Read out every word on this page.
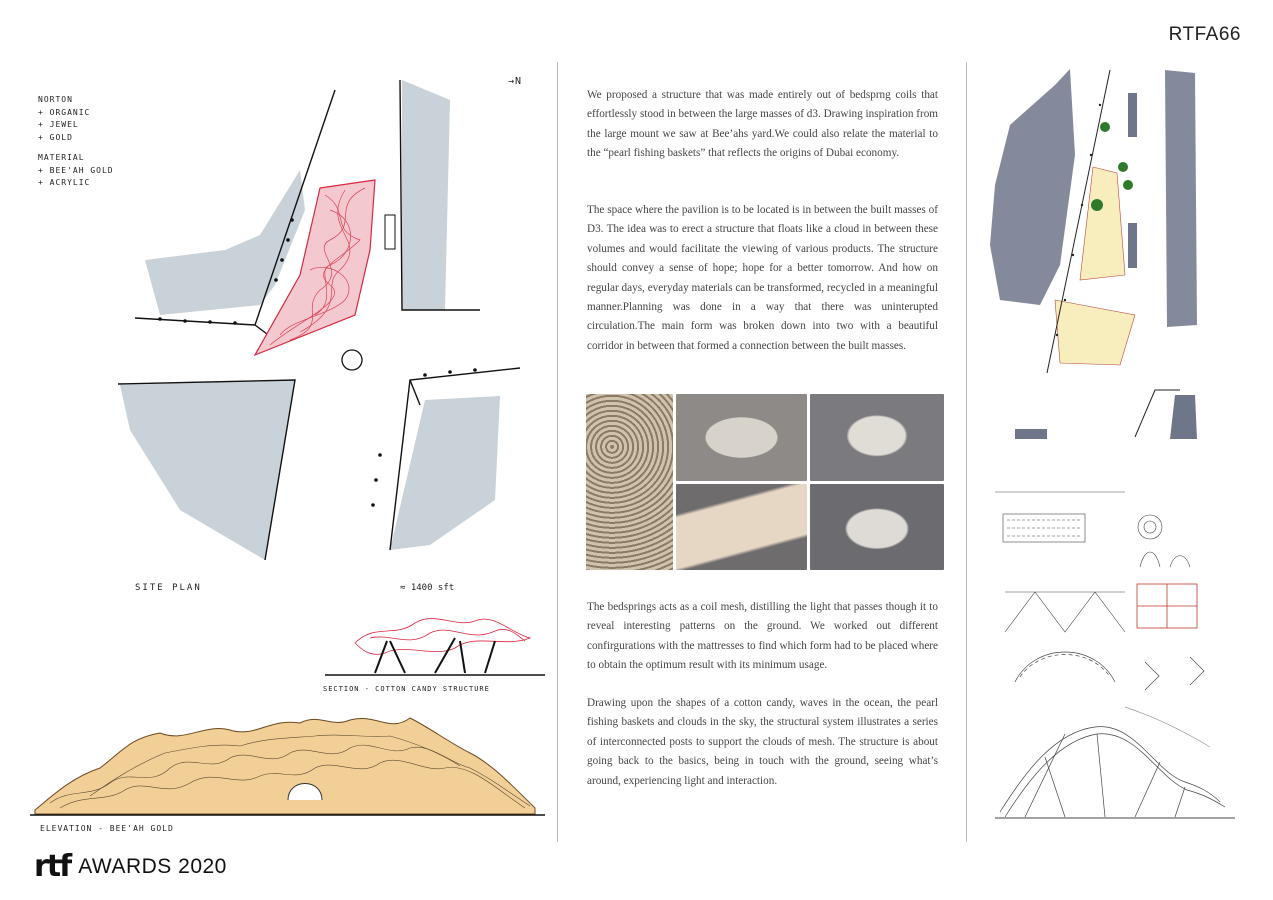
RTFA66
→N
NORTON
+ ORGANIC
+ JEWEL
+ GOLD
MATERIAL
+ BEE'AH GOLD
+ ACRYLIC
SITE PLAN	≈ 1400 sft
SECTION - COTTON CANDY STRUCTURE
ELEVATION - BEE'AH GOLD

We proposed a structure that was made entirely out of bedsprng coils that effortlessly stood in between the large masses of d3. Drawing inspiration from the large mount we saw at Bee’ahs yard.We could also relate the material to the “pearl fishing baskets” that reflects the origins of Dubai economy.

The space where the pavilion is to be located is in between the built masses of D3. The idea was to erect a structure that floats like a cloud in between these volumes and would facilitate the viewing of various products. The structure should convey a sense of hope; hope for a better tomorrow. And how on regular days, everyday materials can be transformed, recycled in a meaningful manner.Planning was done in a way that there was uninterupted circulation.The main form was broken down into two with a beautiful corridor in between that formed a connection between the built masses.

The bedsprings acts as a coil mesh, distilling the light that passes though it to reveal interesting patterns on the ground. We worked out different confirgurations with the mattresses to find which form had to be placed where to obtain the optimum result with its minimum usage.

Drawing upon the shapes of a cotton candy, waves in the ocean, the pearl fishing baskets and clouds in the sky, the structural system illustrates a series of interconnected posts to support the clouds of mesh. The structure is about going back to the basics, being in touch with the ground, seeing what’s around, experiencing light and interaction.

rtf AWARDS 2020
